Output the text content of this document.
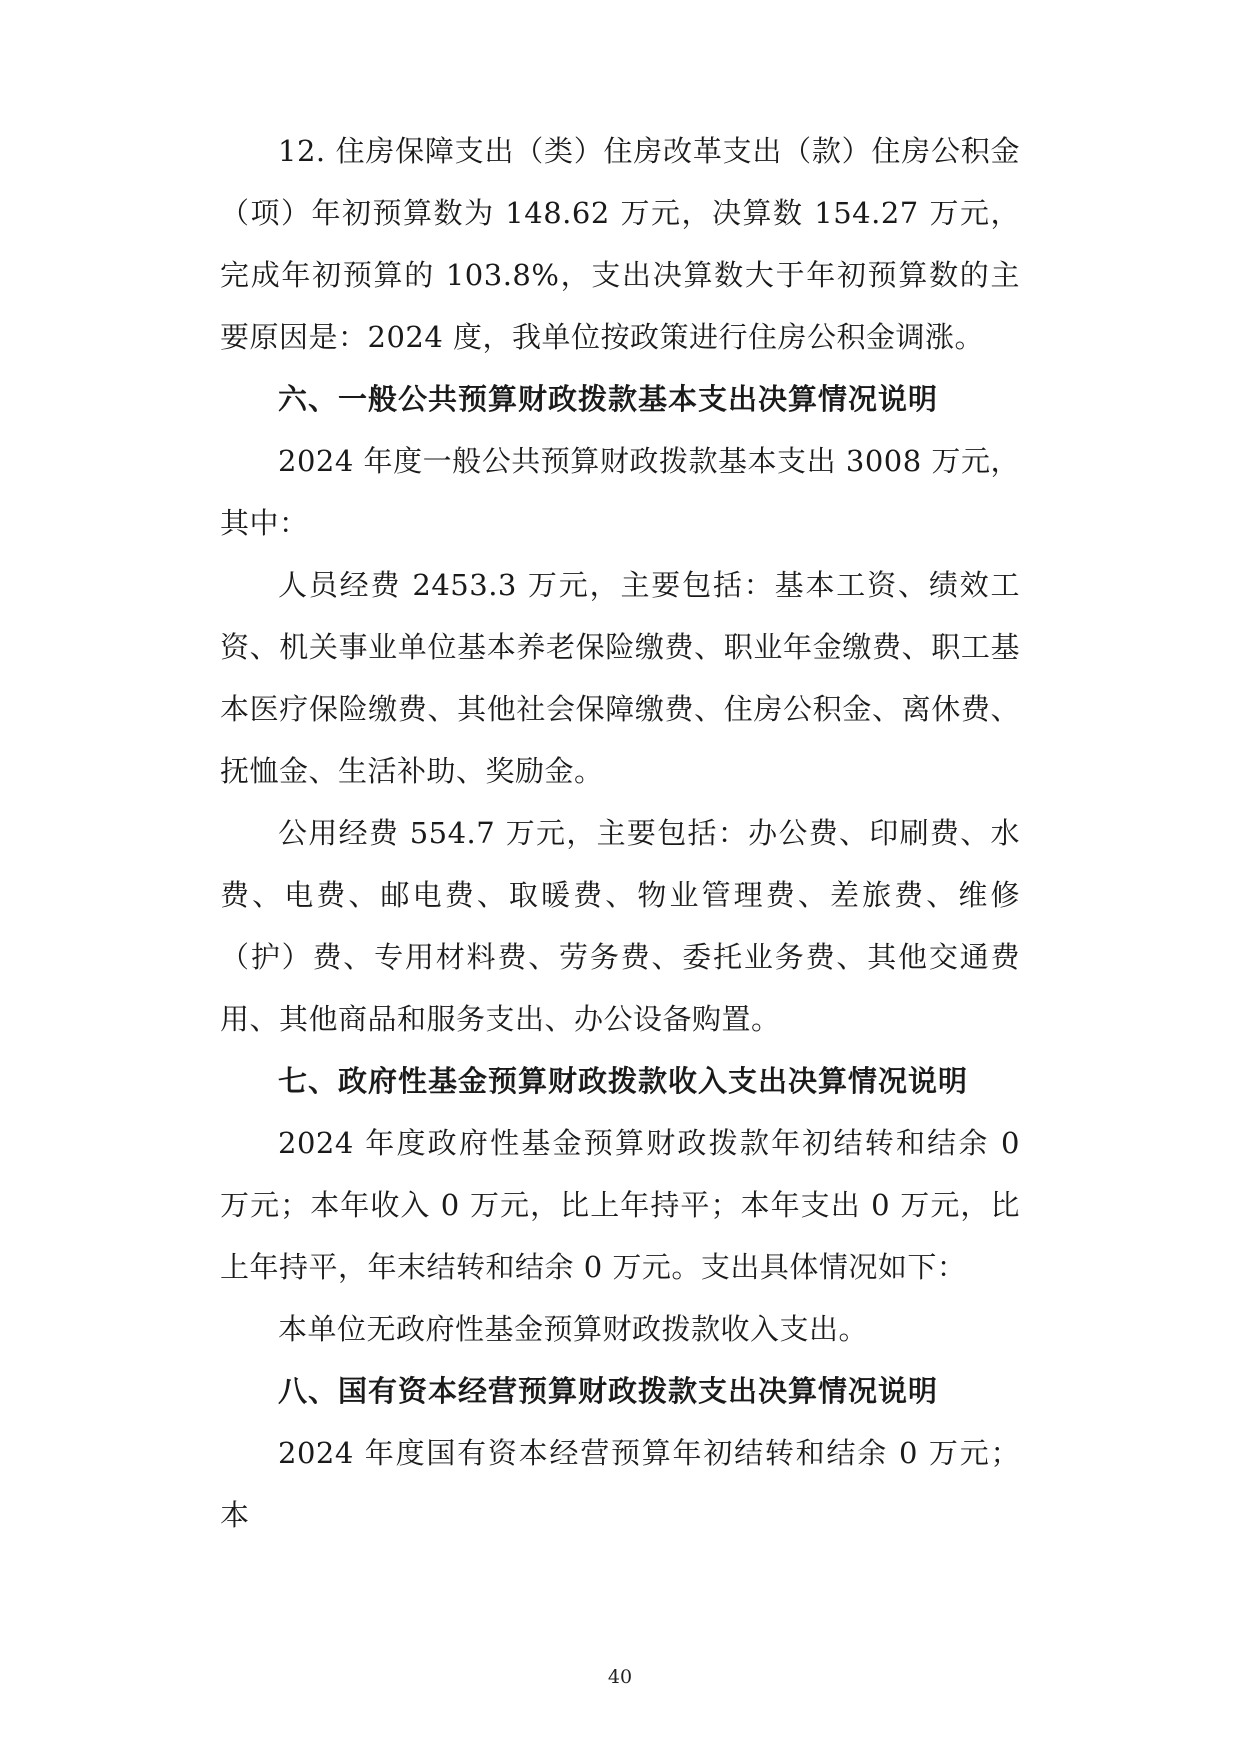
12. 住房保障支出（类）住房改革支出（款）住房公积金（项）年初预算数为 148.62 万元，决算数 154.27 万元，完成年初预算的 103.8%，支出决算数大于年初预算数的主要原因是：2024 度，我单位按政策进行住房公积金调涨。

六、一般公共预算财政拨款基本支出决算情况说明

2024 年度一般公共预算财政拨款基本支出 3008 万元，其中：

人员经费 2453.3 万元，主要包括：基本工资、绩效工资、机关事业单位基本养老保险缴费、职业年金缴费、职工基本医疗保险缴费、其他社会保障缴费、住房公积金、离休费、抚恤金、生活补助、奖励金。

公用经费 554.7 万元，主要包括：办公费、印刷费、水费、电费、邮电费、取暖费、物业管理费、差旅费、维修（护）费、专用材料费、劳务费、委托业务费、其他交通费用、其他商品和服务支出、办公设备购置。

七、政府性基金预算财政拨款收入支出决算情况说明

2024 年度政府性基金预算财政拨款年初结转和结余 0 万元；本年收入 0 万元，比上年持平；本年支出 0 万元，比上年持平，年末结转和结余 0 万元。支出具体情况如下：

本单位无政府性基金预算财政拨款收入支出。

八、国有资本经营预算财政拨款支出决算情况说明

2024 年度国有资本经营预算年初结转和结余 0 万元；本

40
